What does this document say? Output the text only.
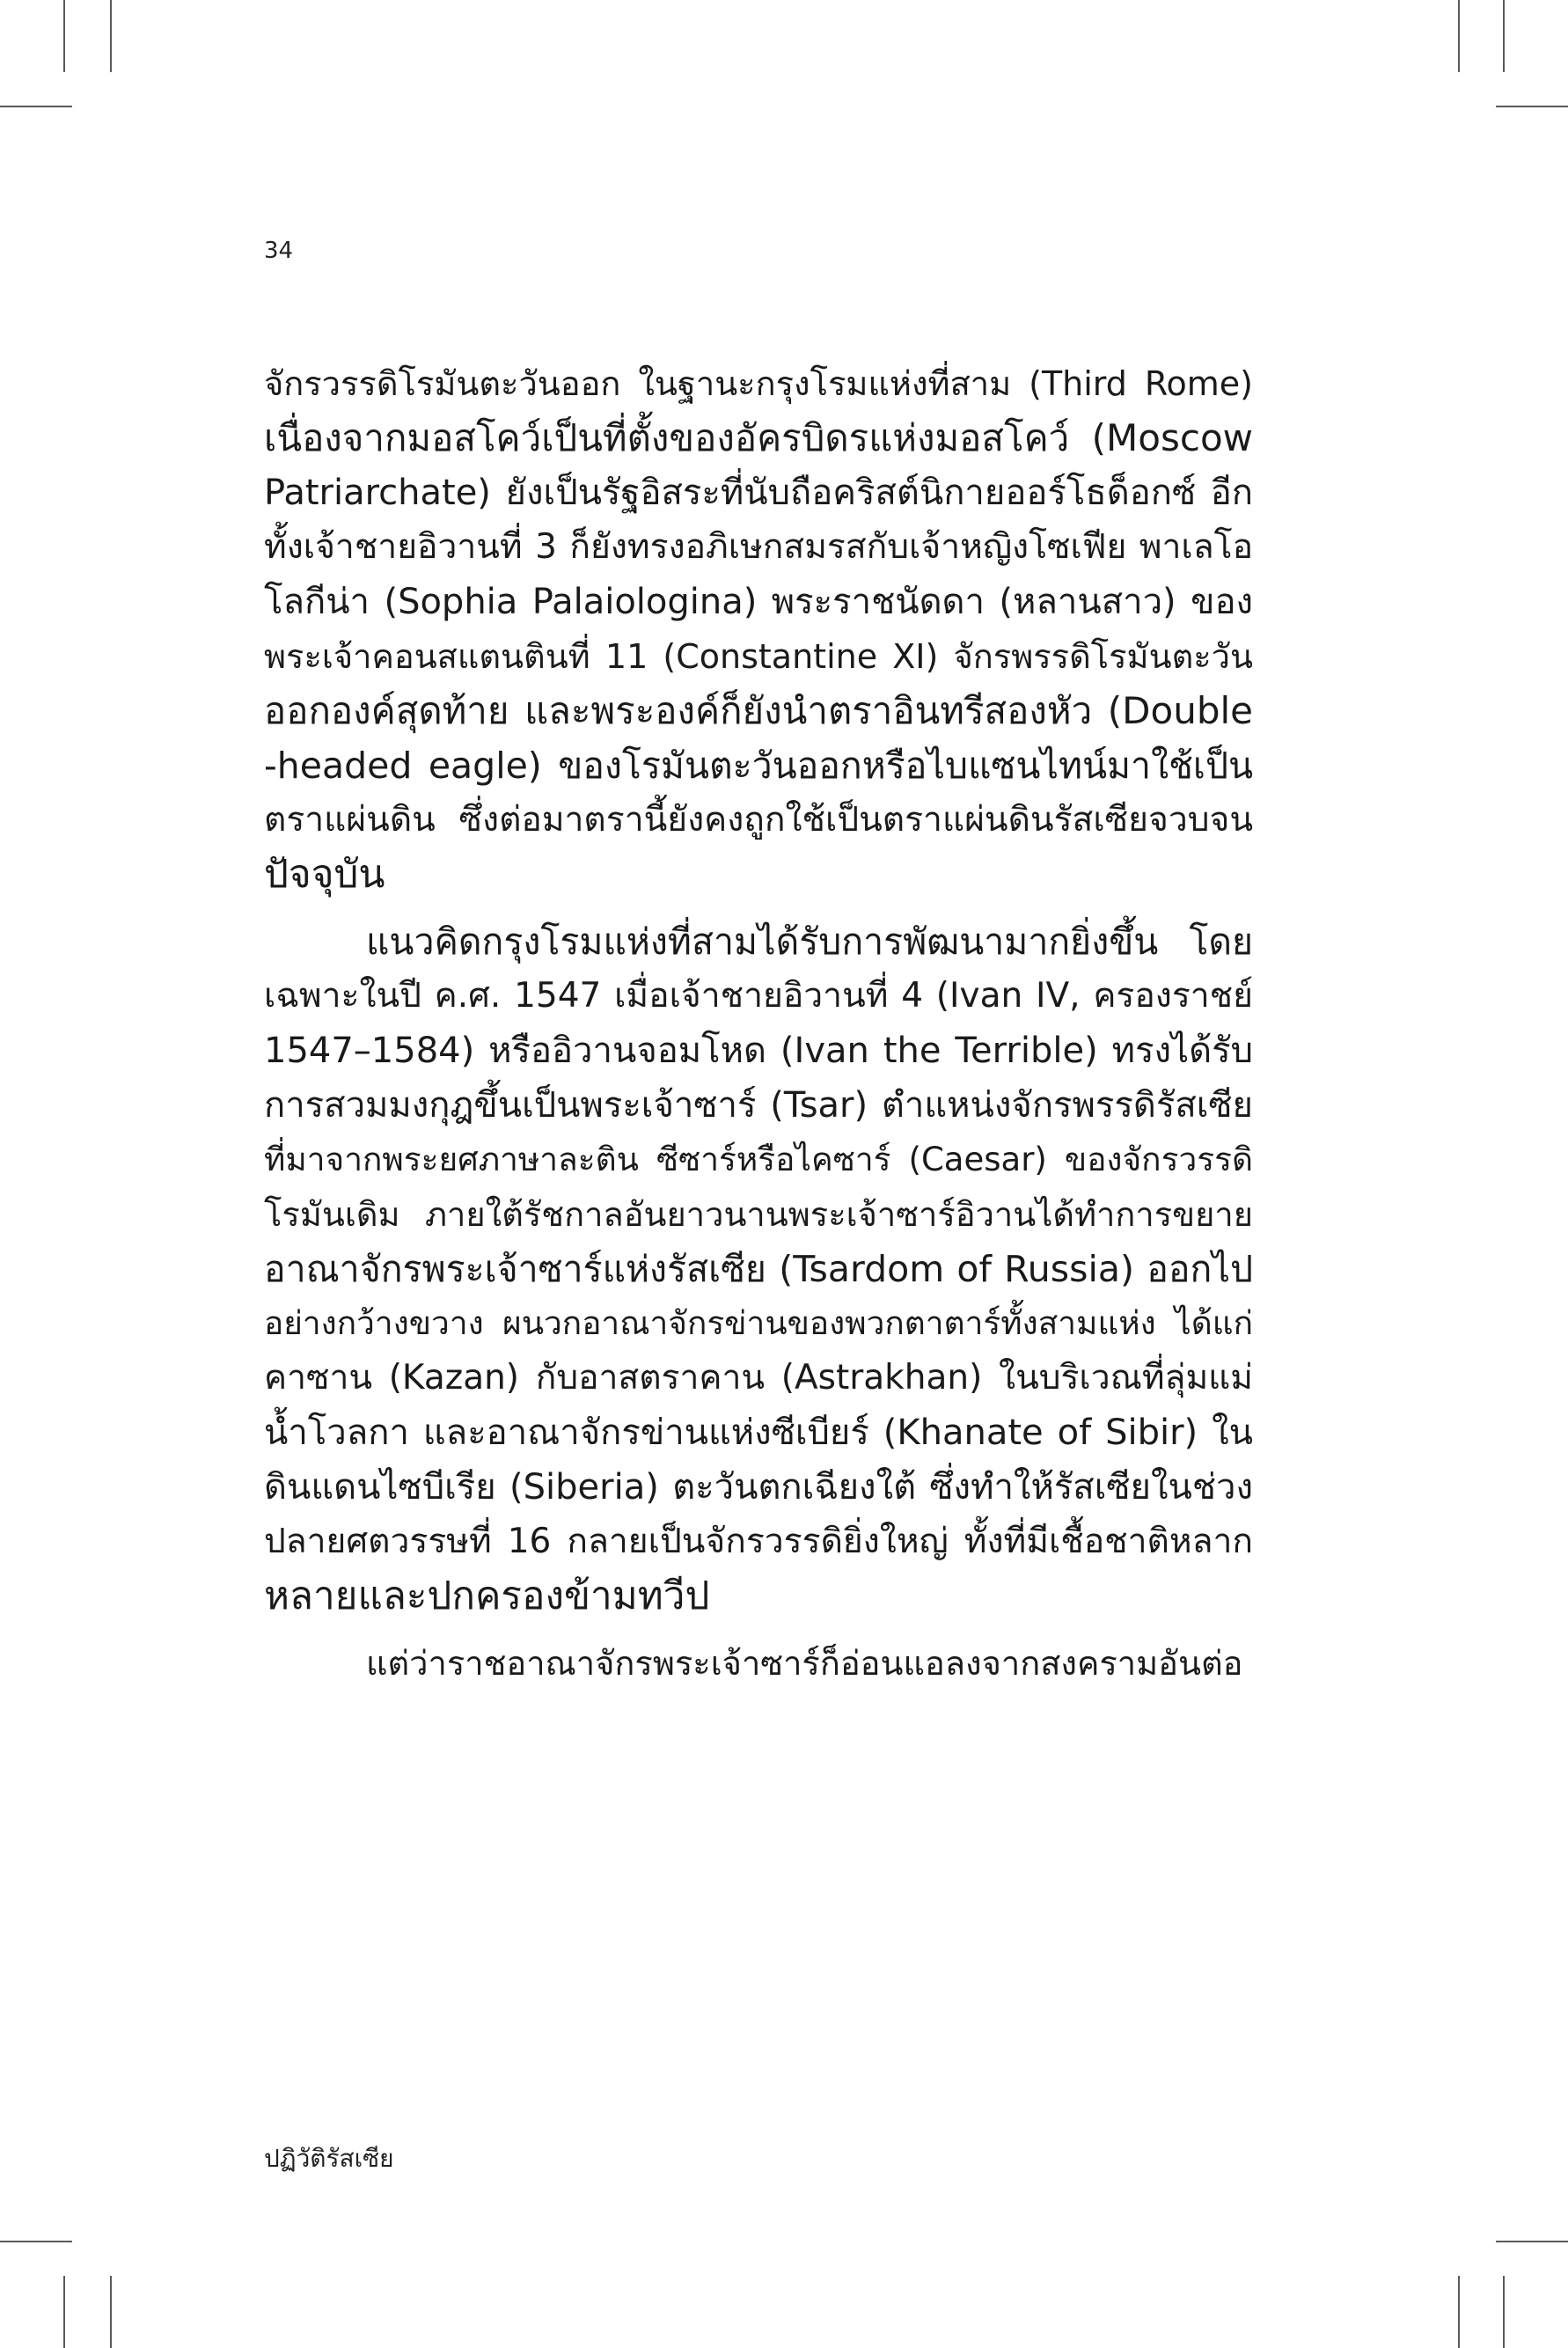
34
จักรวรรดิโรมันตะวันออก ในฐานะกรุงโรมแห่งที่สาม (Third Rome)
เนื่องจากมอสโคว์เป็นที่ตั้งของอัครบิดรแห่งมอสโคว์ (Moscow
Patriarchate) ยังเป็นรัฐอิสระที่นับถือคริสต์นิกายออร์โธด็อกซ์ อีก
ทั้งเจ้าชายอิวานที่ 3 ก็ยังทรงอภิเษกสมรสกับเจ้าหญิงโซเฟีย พาเลโอ
โลกีน่า (Sophia Palaiologina) พระราชนัดดา (หลานสาว) ของ
พระเจ้าคอนสแตนตินที่ 11 (Constantine XI) จักรพรรดิโรมันตะวัน
ออกองค์สุดท้าย และพระองค์ก็ยังนำตราอินทรีสองหัว (Double
-headed eagle) ของโรมันตะวันออกหรือไบแซนไทน์มาใช้เป็น
ตราแผ่นดิน ซึ่งต่อมาตรานี้ยังคงถูกใช้เป็นตราแผ่นดินรัสเซียจวบจน
ปัจจุบัน
แนวคิดกรุงโรมแห่งที่สามได้รับการพัฒนามากยิ่งขึ้น โดย
เฉพาะในปี ค.ศ. 1547 เมื่อเจ้าชายอิวานที่ 4 (Ivan IV, ครองราชย์
1547–1584) หรืออิวานจอมโหด (Ivan the Terrible) ทรงได้รับ
การสวมมงกุฎขึ้นเป็นพระเจ้าซาร์ (Tsar) ตำแหน่งจักรพรรดิรัสเซีย
ที่มาจากพระยศภาษาละติน ซีซาร์หรือไคซาร์ (Caesar) ของจักรวรรดิ
โรมันเดิม ภายใต้รัชกาลอันยาวนานพระเจ้าซาร์อิวานได้ทำการขยาย
อาณาจักรพระเจ้าซาร์แห่งรัสเซีย (Tsardom of Russia) ออกไป
อย่างกว้างขวาง ผนวกอาณาจักรข่านของพวกตาตาร์ทั้งสามแห่ง ได้แก่
คาซาน (Kazan) กับอาสตราคาน (Astrakhan) ในบริเวณที่ลุ่มแม่
น้ำโวลกา และอาณาจักรข่านแห่งซีเบียร์ (Khanate of Sibir) ใน
ดินแดนไซบีเรีย (Siberia) ตะวันตกเฉียงใต้ ซึ่งทำให้รัสเซียในช่วง
ปลายศตวรรษที่ 16 กลายเป็นจักรวรรดิยิ่งใหญ่ ทั้งที่มีเชื้อชาติหลาก
หลายและปกครองข้ามทวีป
แต่ว่าราชอาณาจักรพระเจ้าซาร์ก็อ่อนแอลงจากสงครามอันต่อ
ปฏิวัติรัสเซีย
